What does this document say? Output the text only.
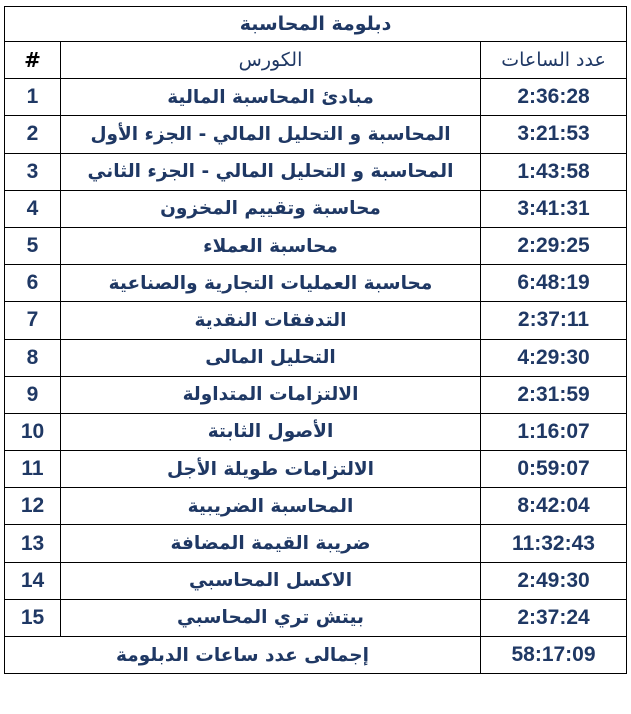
دبلومة المحاسبة		
#	الكورس	عدد الساعات
1	مبادئ المحاسبة المالية	2:36:28
2	المحاسبة و التحليل المالي - الجزء الأول	3:21:53
3	المحاسبة و التحليل المالي - الجزء الثاني	1:43:58
4	محاسبة وتقييم المخزون	3:41:31
5	محاسبة العملاء	2:29:25
6	محاسبة العمليات التجارية والصناعية	6:48:19
7	التدفقات النقدية	2:37:11
8	التحليل المالى	4:29:30
9	الالتزامات المتداولة	2:31:59
10	الأصول الثابتة	1:16:07
11	الالتزامات طويلة الأجل	0:59:07
12	المحاسبة الضريبية	8:42:04
13	ضريبة القيمة المضافة	11:32:43
14	الاكسل المحاسبي	2:49:30
15	بيتش تري المحاسبي	2:37:24
إجمالى عدد ساعات الدبلومة		58:17:09
